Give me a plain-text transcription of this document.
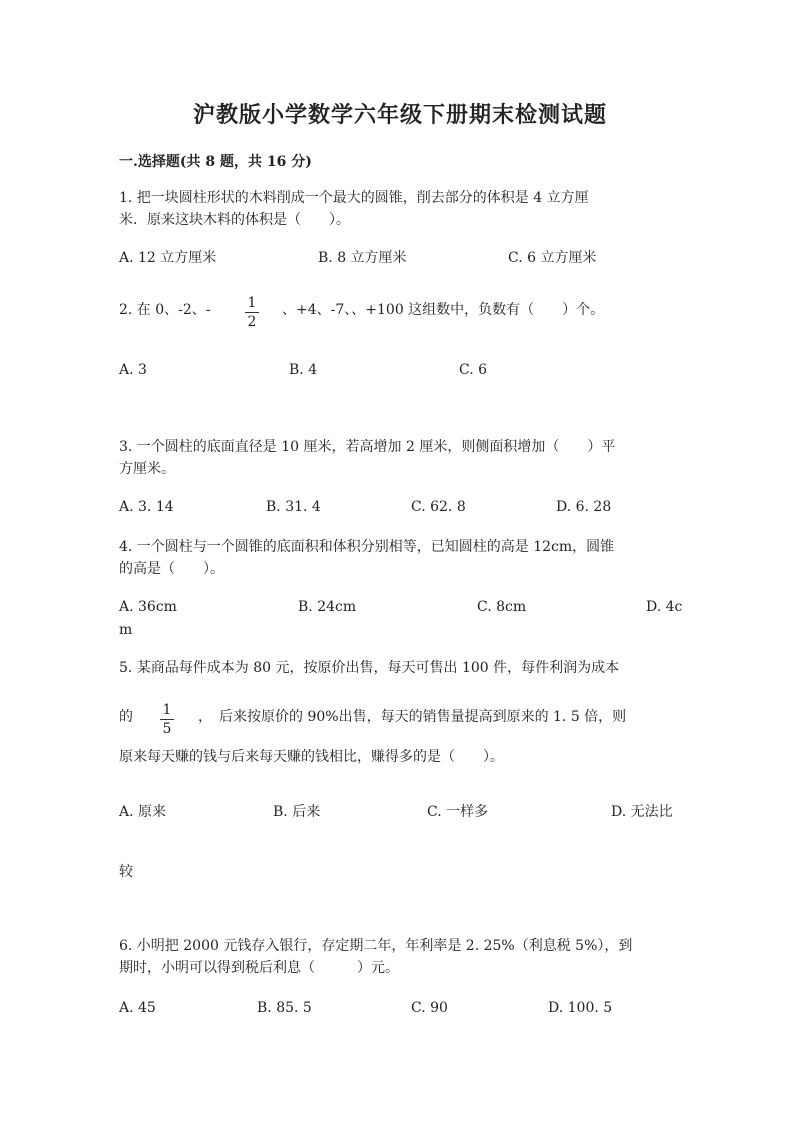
沪教版小学数学六年级下册期末检测试题
一.选择题(共 8 题，共 16 分)
1. 把一块圆柱形状的木料削成一个最大的圆锥，削去部分的体积是 4 立方厘
米．原来这块木料的体积是（　　）。
A. 12 立方厘米	B. 8 立方厘米	C. 6 立方厘米
2. 在 0、-2、-	1
2
、+4、-7、、+100 这组数中，负数有（　　）个。
A. 3	B. 4	C. 6
3. 一个圆柱的底面直径是 10 厘米，若高增加 2 厘米，则侧面积增加（　　）平
方厘米。
A. 3. 14	B. 31. 4	C. 62. 8	D. 6. 28
4. 一个圆柱与一个圆锥的底面积和体积分别相等，已知圆柱的高是 12cm，圆锥
的高是（　　）。
A. 36cm	B. 24cm	C. 8cm	D. 4c
m
5. 某商品每件成本为 80 元，按原价出售，每天可售出 100 件，每件利润为成本
的 1
5
，　后来按原价的 90%出售，每天的销售量提高到原来的 1. 5 倍，则
原来每天赚的钱与后来每天赚的钱相比，赚得多的是（　　）。
A. 原来	B. 后来	C. 一样多	D. 无法比
较
6. 小明把 2000 元钱存入银行，存定期二年，年利率是 2. 25%（利息税 5%），到
期时，小明可以得到税后利息（　　　）元。
A. 45	B. 85. 5	C. 90	D. 100. 5
